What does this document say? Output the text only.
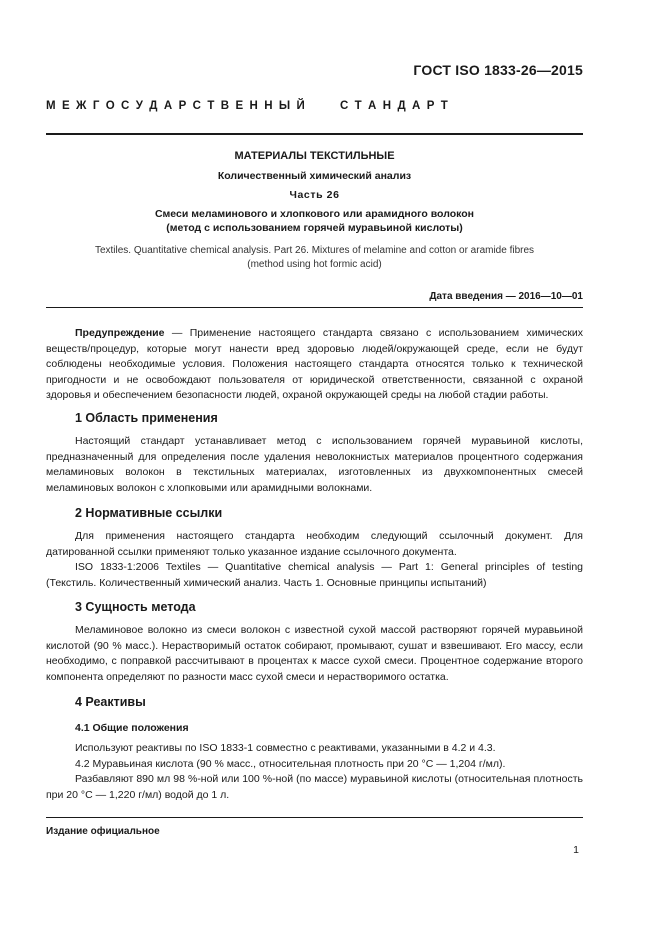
ГОСТ ISO 1833-26—2015
М  Е  Ж  Г  О  С  У  Д  А  Р  С  Т  В  Е  Н  Н  Ы  Й           С  Т  А  Н  Д  А  Р  Т
МАТЕРИАЛЫ ТЕКСТИЛЬНЫЕ
Количественный химический анализ
Часть 26
Смеси меламинового и хлопкового или арамидного волокон
(метод с использованием горячей муравьиной кислоты)
Textiles. Quantitative chemical analysis. Part 26. Mixtures of melamine and cotton or aramide fibres
(method using hot formic acid)
Дата введения — 2016—10—01

Предупреждение — Применение настоящего стандарта связано с использованием химических веществ/процедур, которые могут нанести вред здоровью людей/окружающей среде, если не будут соблюдены необходимые условия. Положения настоящего стандарта относятся только к технической пригодности и не освобождают пользователя от юридической ответственности, связанной с охраной здоровья и обеспечением безопасности людей, охраной окружающей среды на любой стадии работы.

1 Область применения

Настоящий стандарт устанавливает метод с использованием горячей муравьиной кислоты, предназначенный для определения после удаления неволокнистых материалов процентного содержания меламиновых волокон в текстильных материалах, изготовленных из двухкомпонентных смесей меламиновых волокон с хлопковыми или арамидными волокнами.

2 Нормативные ссылки

Для применения настоящего стандарта необходим следующий ссылочный документ. Для датированной ссылки применяют только указанное издание ссылочного документа.

ISO 1833-1:2006 Textiles — Quantitative chemical analysis — Part 1: General principles of testing (Текстиль. Количественный химический анализ. Часть 1. Основные принципы испытаний)

3 Сущность метода

Меламиновое волокно из смеси волокон с известной сухой массой растворяют горячей муравьиной кислотой (90 % масс.). Нерастворимый остаток собирают, промывают, сушат и взвешивают. Его массу, если необходимо, с поправкой рассчитывают в процентах к массе сухой смеси. Процентное содержание второго компонента определяют по разности масс сухой смеси и нерастворимого остатка.

4 Реактивы
4.1 Общие положения

Используют реактивы по ISO 1833-1 совместно с реактивами, указанными в 4.2 и 4.3.

4.2 Муравьиная кислота (90 % масс., относительная плотность при 20 °С — 1,204 г/мл).

Разбавляют 890 мл 98 %-ной или 100 %-ной (по массе) муравьиной кислоты (относительная плотность при 20 °С — 1,220 г/мл) водой до 1 л.

Издание официальное
1
